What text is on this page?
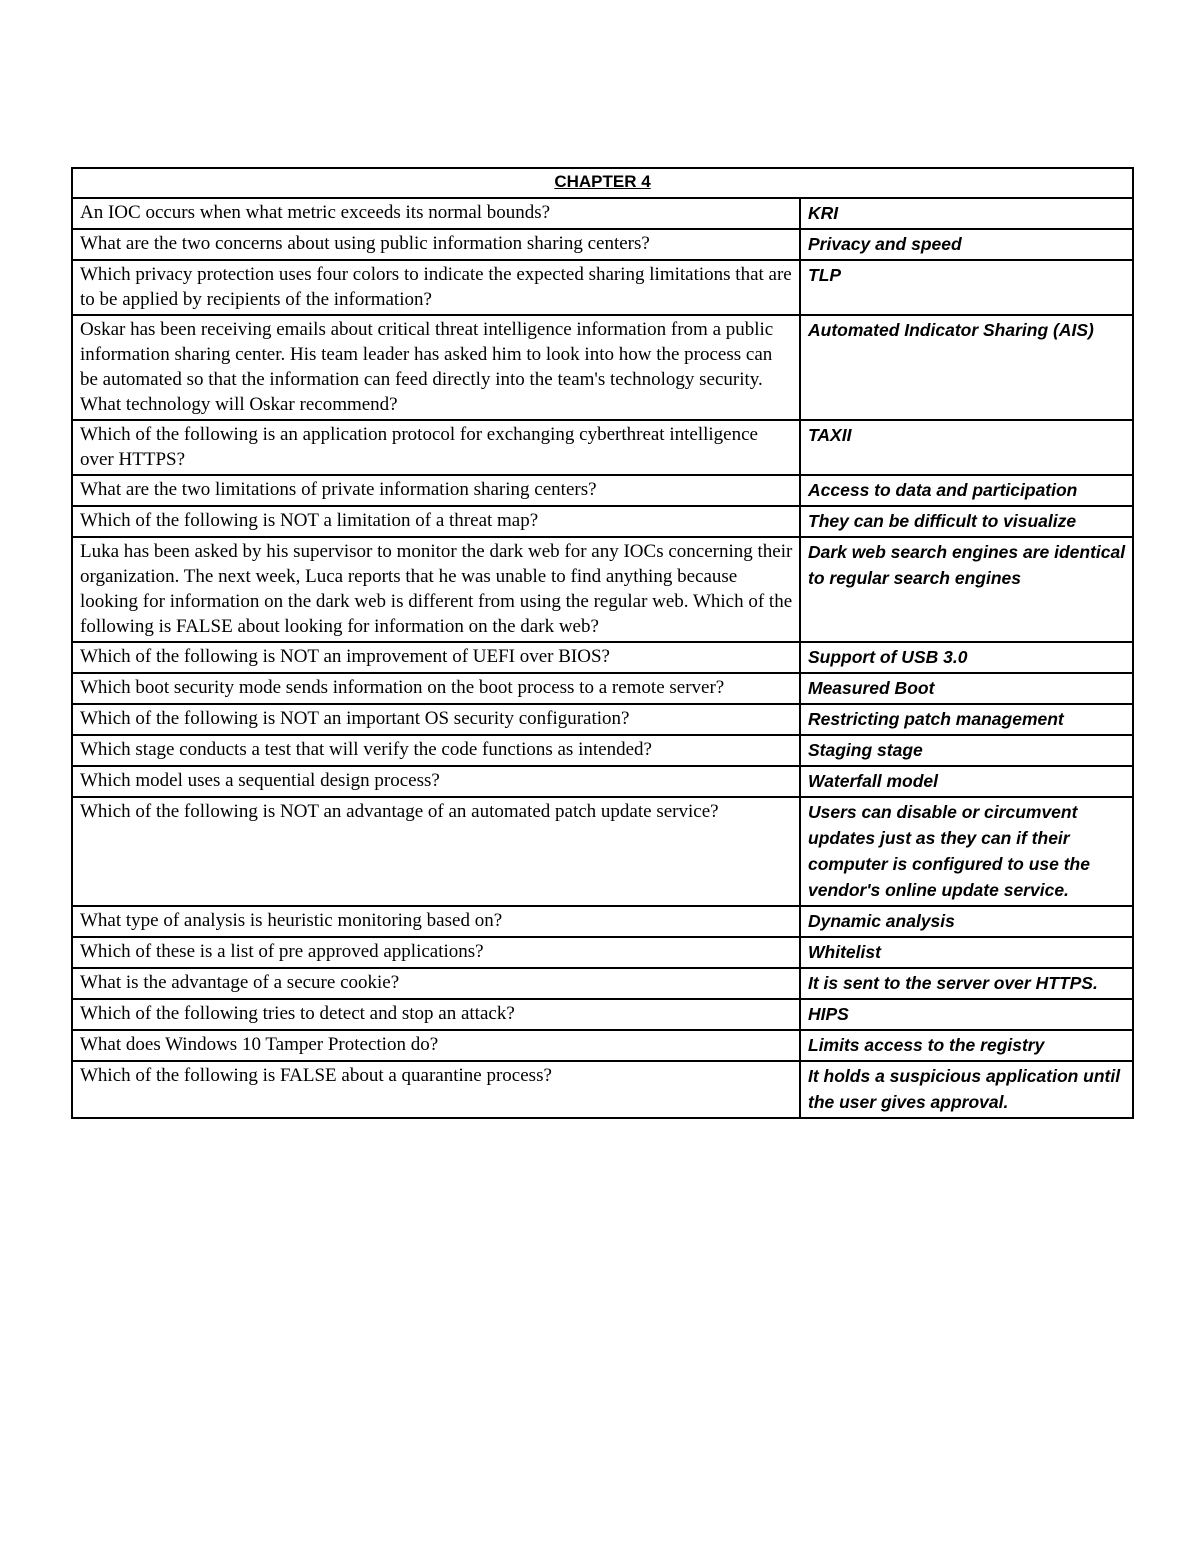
CHAPTER 4	
An IOC occurs when what metric exceeds its normal bounds?	KRI
What are the two concerns about using public information sharing centers?	Privacy and speed
Which privacy protection uses four colors to indicate the expected sharing limitations that are to be applied by recipients of the information?	TLP
Oskar has been receiving emails about critical threat intelligence information from a public information sharing center. His team leader has asked him to look into how the process can be automated so that the information can feed directly into the team's technology security. What technology will Oskar recommend?	Automated Indicator Sharing (AIS)
Which of the following is an application protocol for exchanging cyberthreat intelligence over HTTPS?	TAXII
What are the two limitations of private information sharing centers?	Access to data and participation
Which of the following is NOT a limitation of a threat map?	They can be difficult to visualize
Luka has been asked by his supervisor to monitor the dark web for any IOCs concerning their organization. The next week, Luca reports that he was unable to find anything because looking for information on the dark web is different from using the regular web. Which of the following is FALSE about looking for information on the dark web?	Dark web search engines are identical to regular search engines
Which of the following is NOT an improvement of UEFI over BIOS?	Support of USB 3.0
Which boot security mode sends information on the boot process to a remote server?	Measured Boot
Which of the following is NOT an important OS security configuration?	Restricting patch management
Which stage conducts a test that will verify the code functions as intended?	Staging stage
Which model uses a sequential design process?	Waterfall model
Which of the following is NOT an advantage of an automated patch update service?	Users can disable or circumvent updates just as they can if their computer is configured to use the vendor's online update service.
What type of analysis is heuristic monitoring based on?	Dynamic analysis
Which of these is a list of pre approved applications?	Whitelist
What is the advantage of a secure cookie?	It is sent to the server over HTTPS.
Which of the following tries to detect and stop an attack?	HIPS
What does Windows 10 Tamper Protection do?	Limits access to the registry
Which of the following is FALSE about a quarantine process?	It holds a suspicious application until the user gives approval.
